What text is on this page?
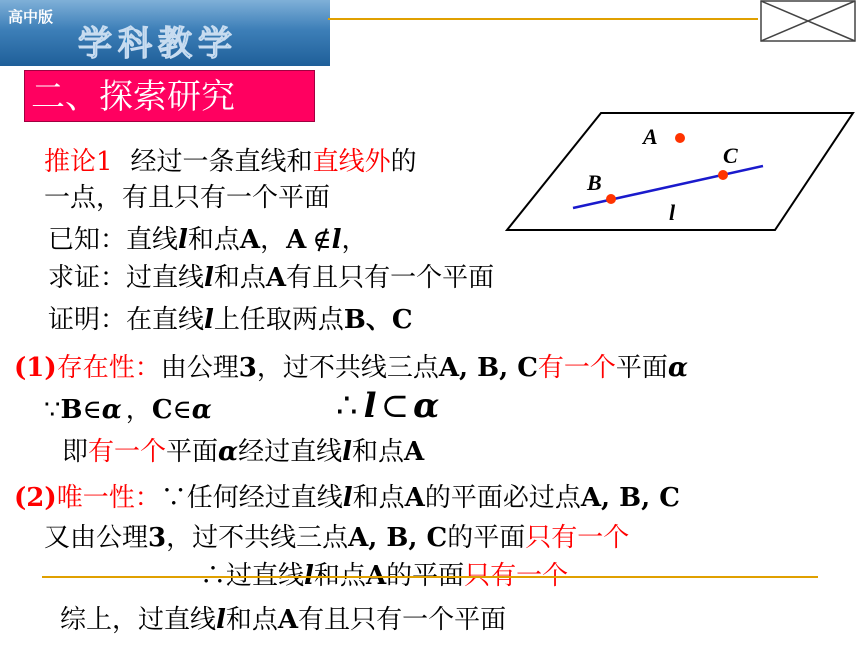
高中版
学科教学
二、探索研究
A
B
C
l
推论1 经过一条直线和直线外的
一点，有且只有一个平面
已知：直线l和点A，A ∉l，
求证：过直线l和点A有且只有一个平面
证明：在直线l上任取两点B、C
(1)存在性：由公理3，过不共线三点A, B, C有一个平面α
∵B∈α ，C∈α	∴ l ⊂ α
即有一个平面α经过直线l和点A
(2)唯一性：∵任何经过直线l和点A的平面必过点A, B, C
又由公理3，过不共线三点A, B, C的平面只有一个
∴过直线l和点A的平面只有一个
综上，过直线l和点A有且只有一个平面
